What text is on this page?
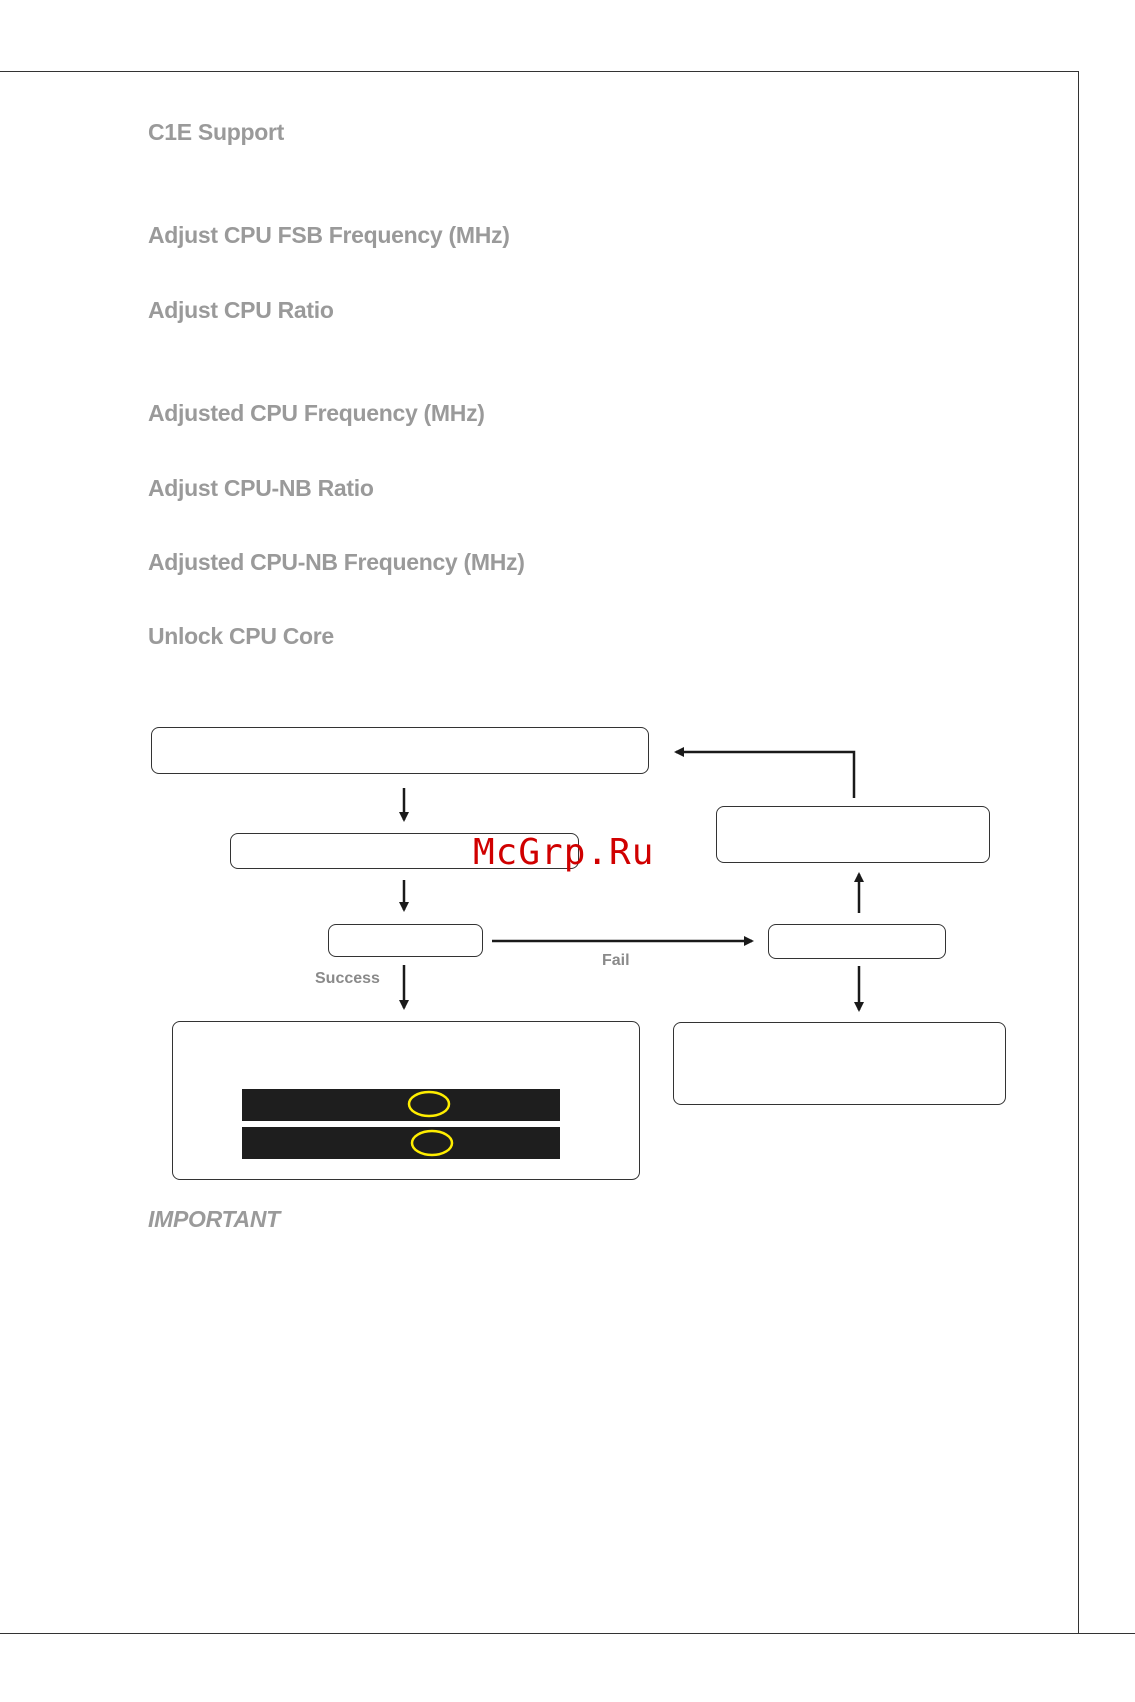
C1E Support
Adjust CPU FSB Frequency (MHz)
Adjust CPU Ratio
Adjusted CPU Frequency (MHz)
Adjust CPU-NB Ratio
Adjusted CPU-NB Frequency (MHz)
Unlock CPU Core
Success
Fail
IMPORTANT
McGrp.Ru
